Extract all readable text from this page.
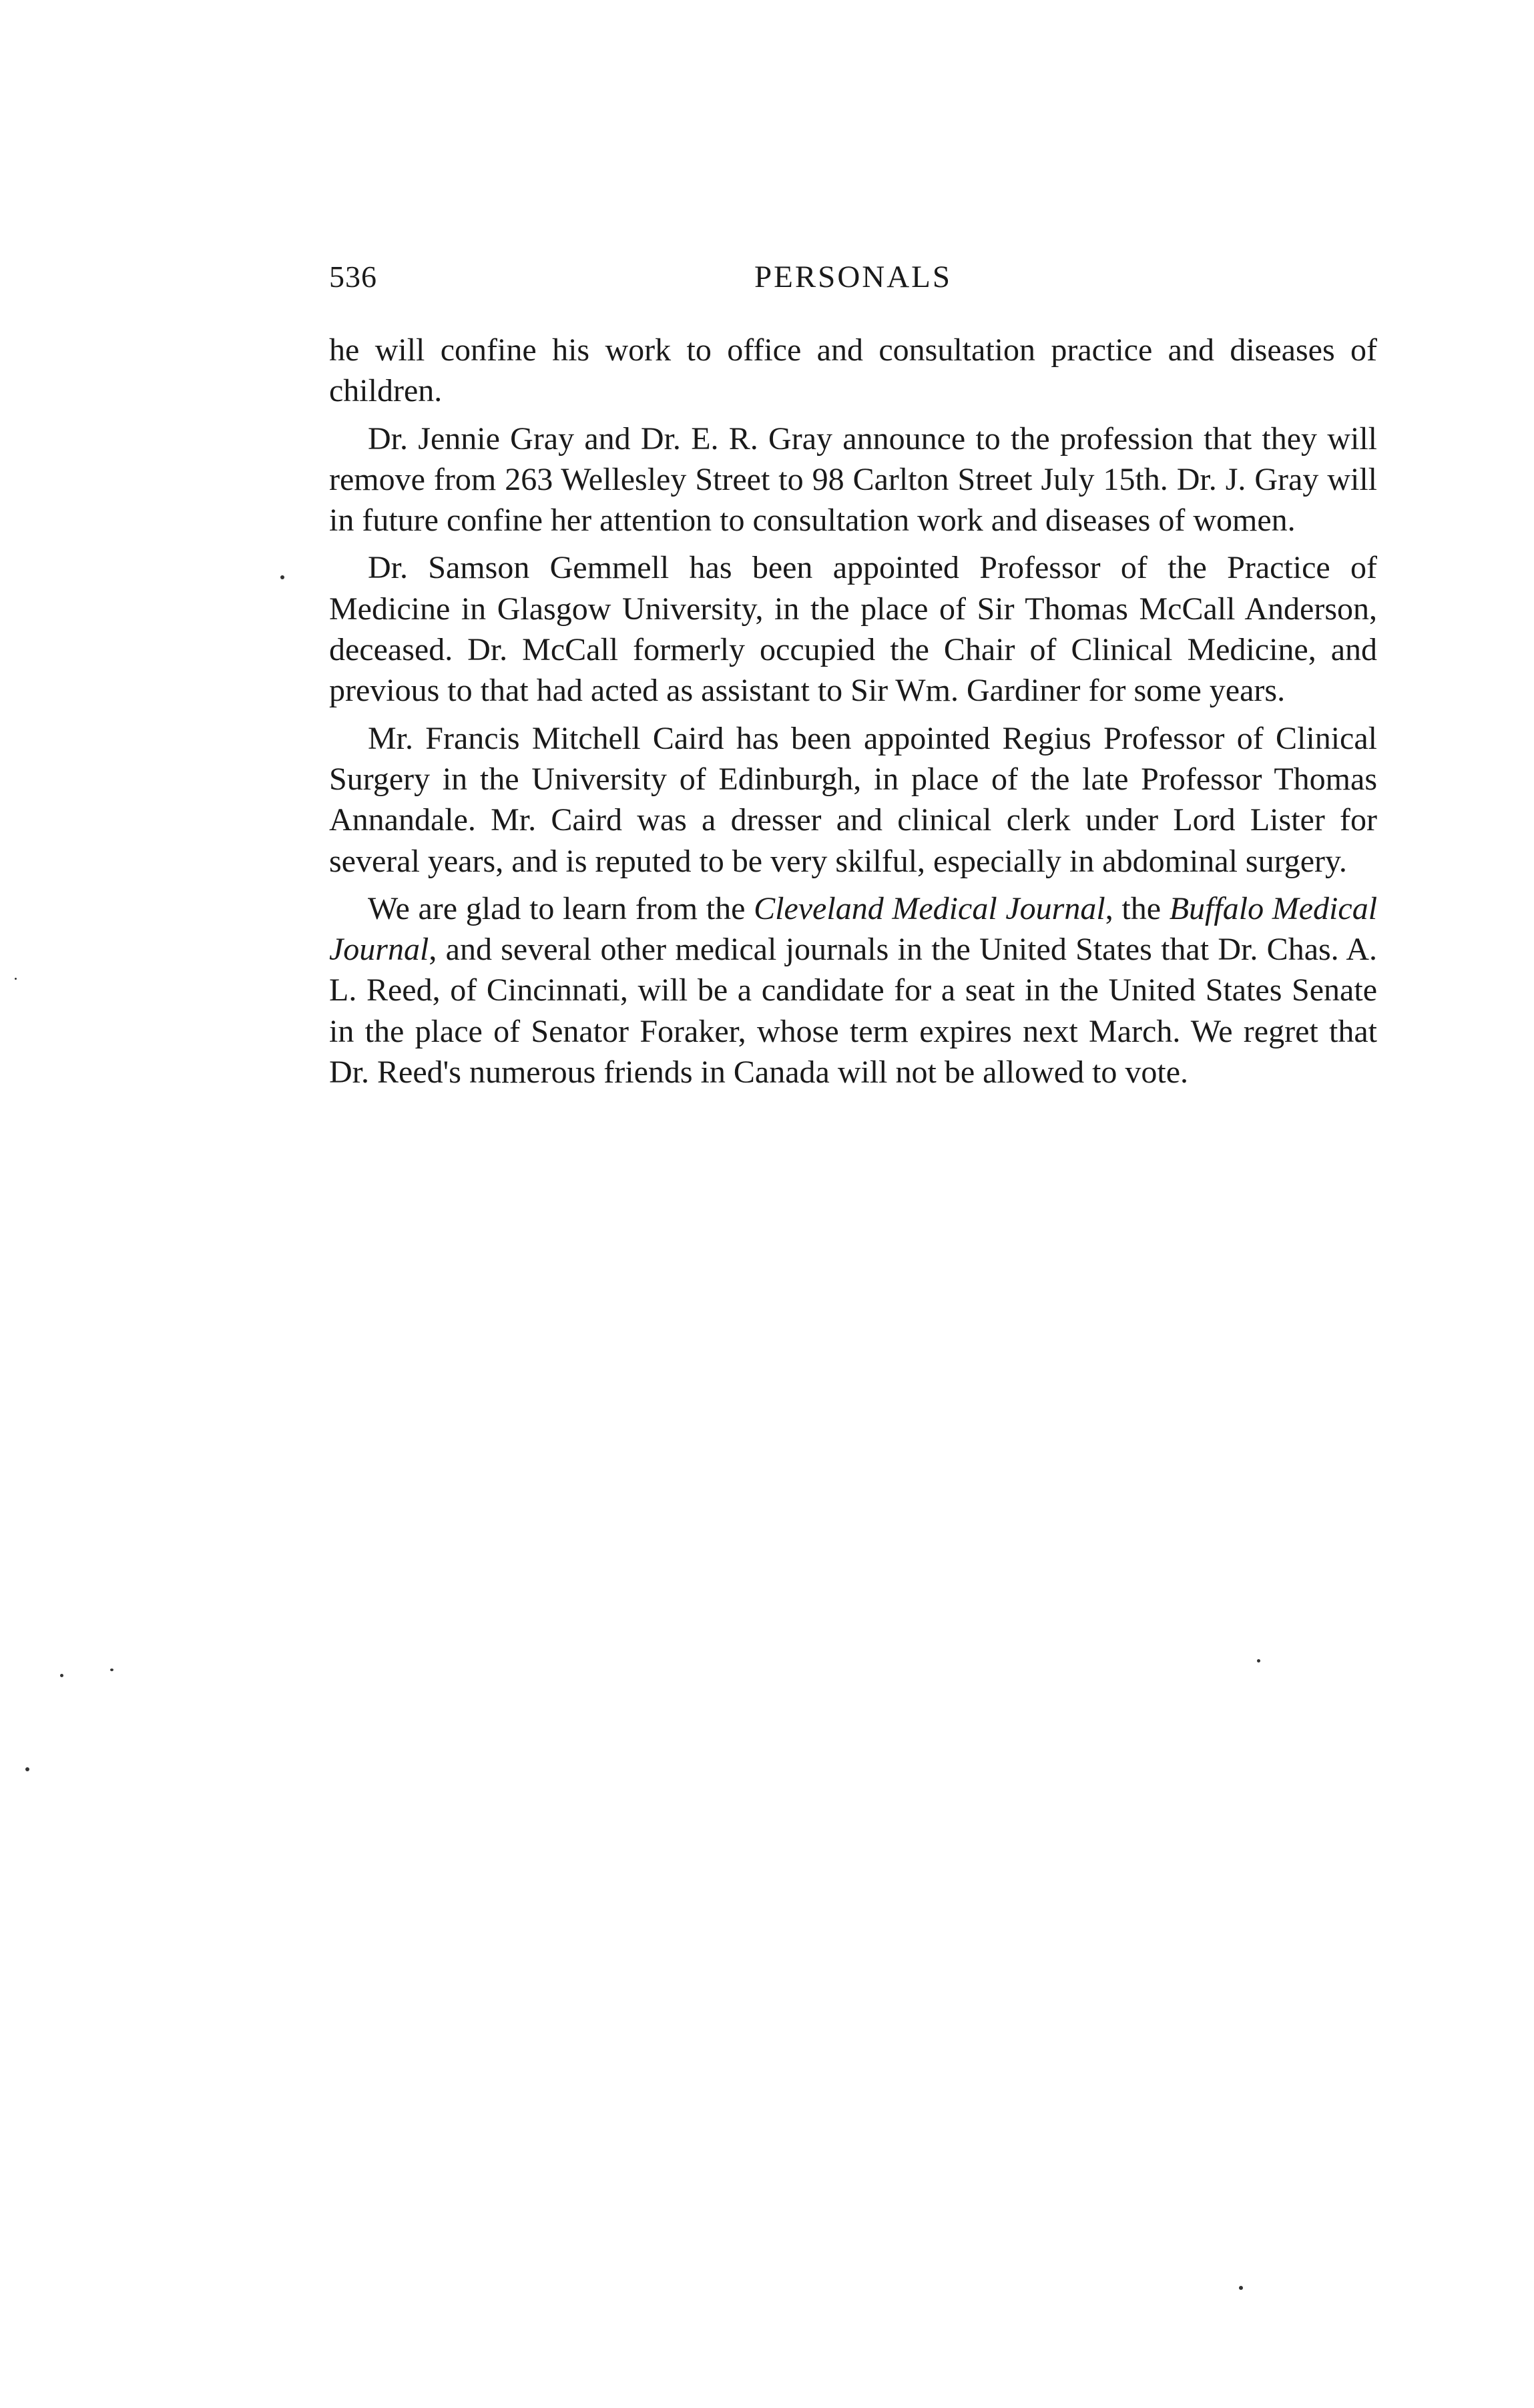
536	PERSONALS

he will confine his work to office and consultation practice and diseases of children.

Dr. Jennie Gray and Dr. E. R. Gray announce to the profession that they will remove from 263 Wellesley Street to 98 Carlton Street July 15th. Dr. J. Gray will in future confine her attention to consultation work and diseases of women.

Dr. Samson Gemmell has been appointed Professor of the Practice of Medicine in Glasgow University, in the place of Sir Thomas McCall Anderson, deceased. Dr. McCall formerly occupied the Chair of Clinical Medicine, and previous to that had acted as assistant to Sir Wm. Gardiner for some years.

Mr. Francis Mitchell Caird has been appointed Regius Professor of Clinical Surgery in the University of Edinburgh, in place of the late Professor Thomas Annandale. Mr. Caird was a dresser and clinical clerk under Lord Lister for several years, and is reputed to be very skilful, especially in abdominal surgery.

We are glad to learn from the Cleveland Medical Journal, the Buffalo Medical Journal, and several other medical journals in the United States that Dr. Chas. A. L. Reed, of Cincinnati, will be a candidate for a seat in the United States Senate in the place of Senator Foraker, whose term expires next March. We regret that Dr. Reed's numerous friends in Canada will not be allowed to vote.
